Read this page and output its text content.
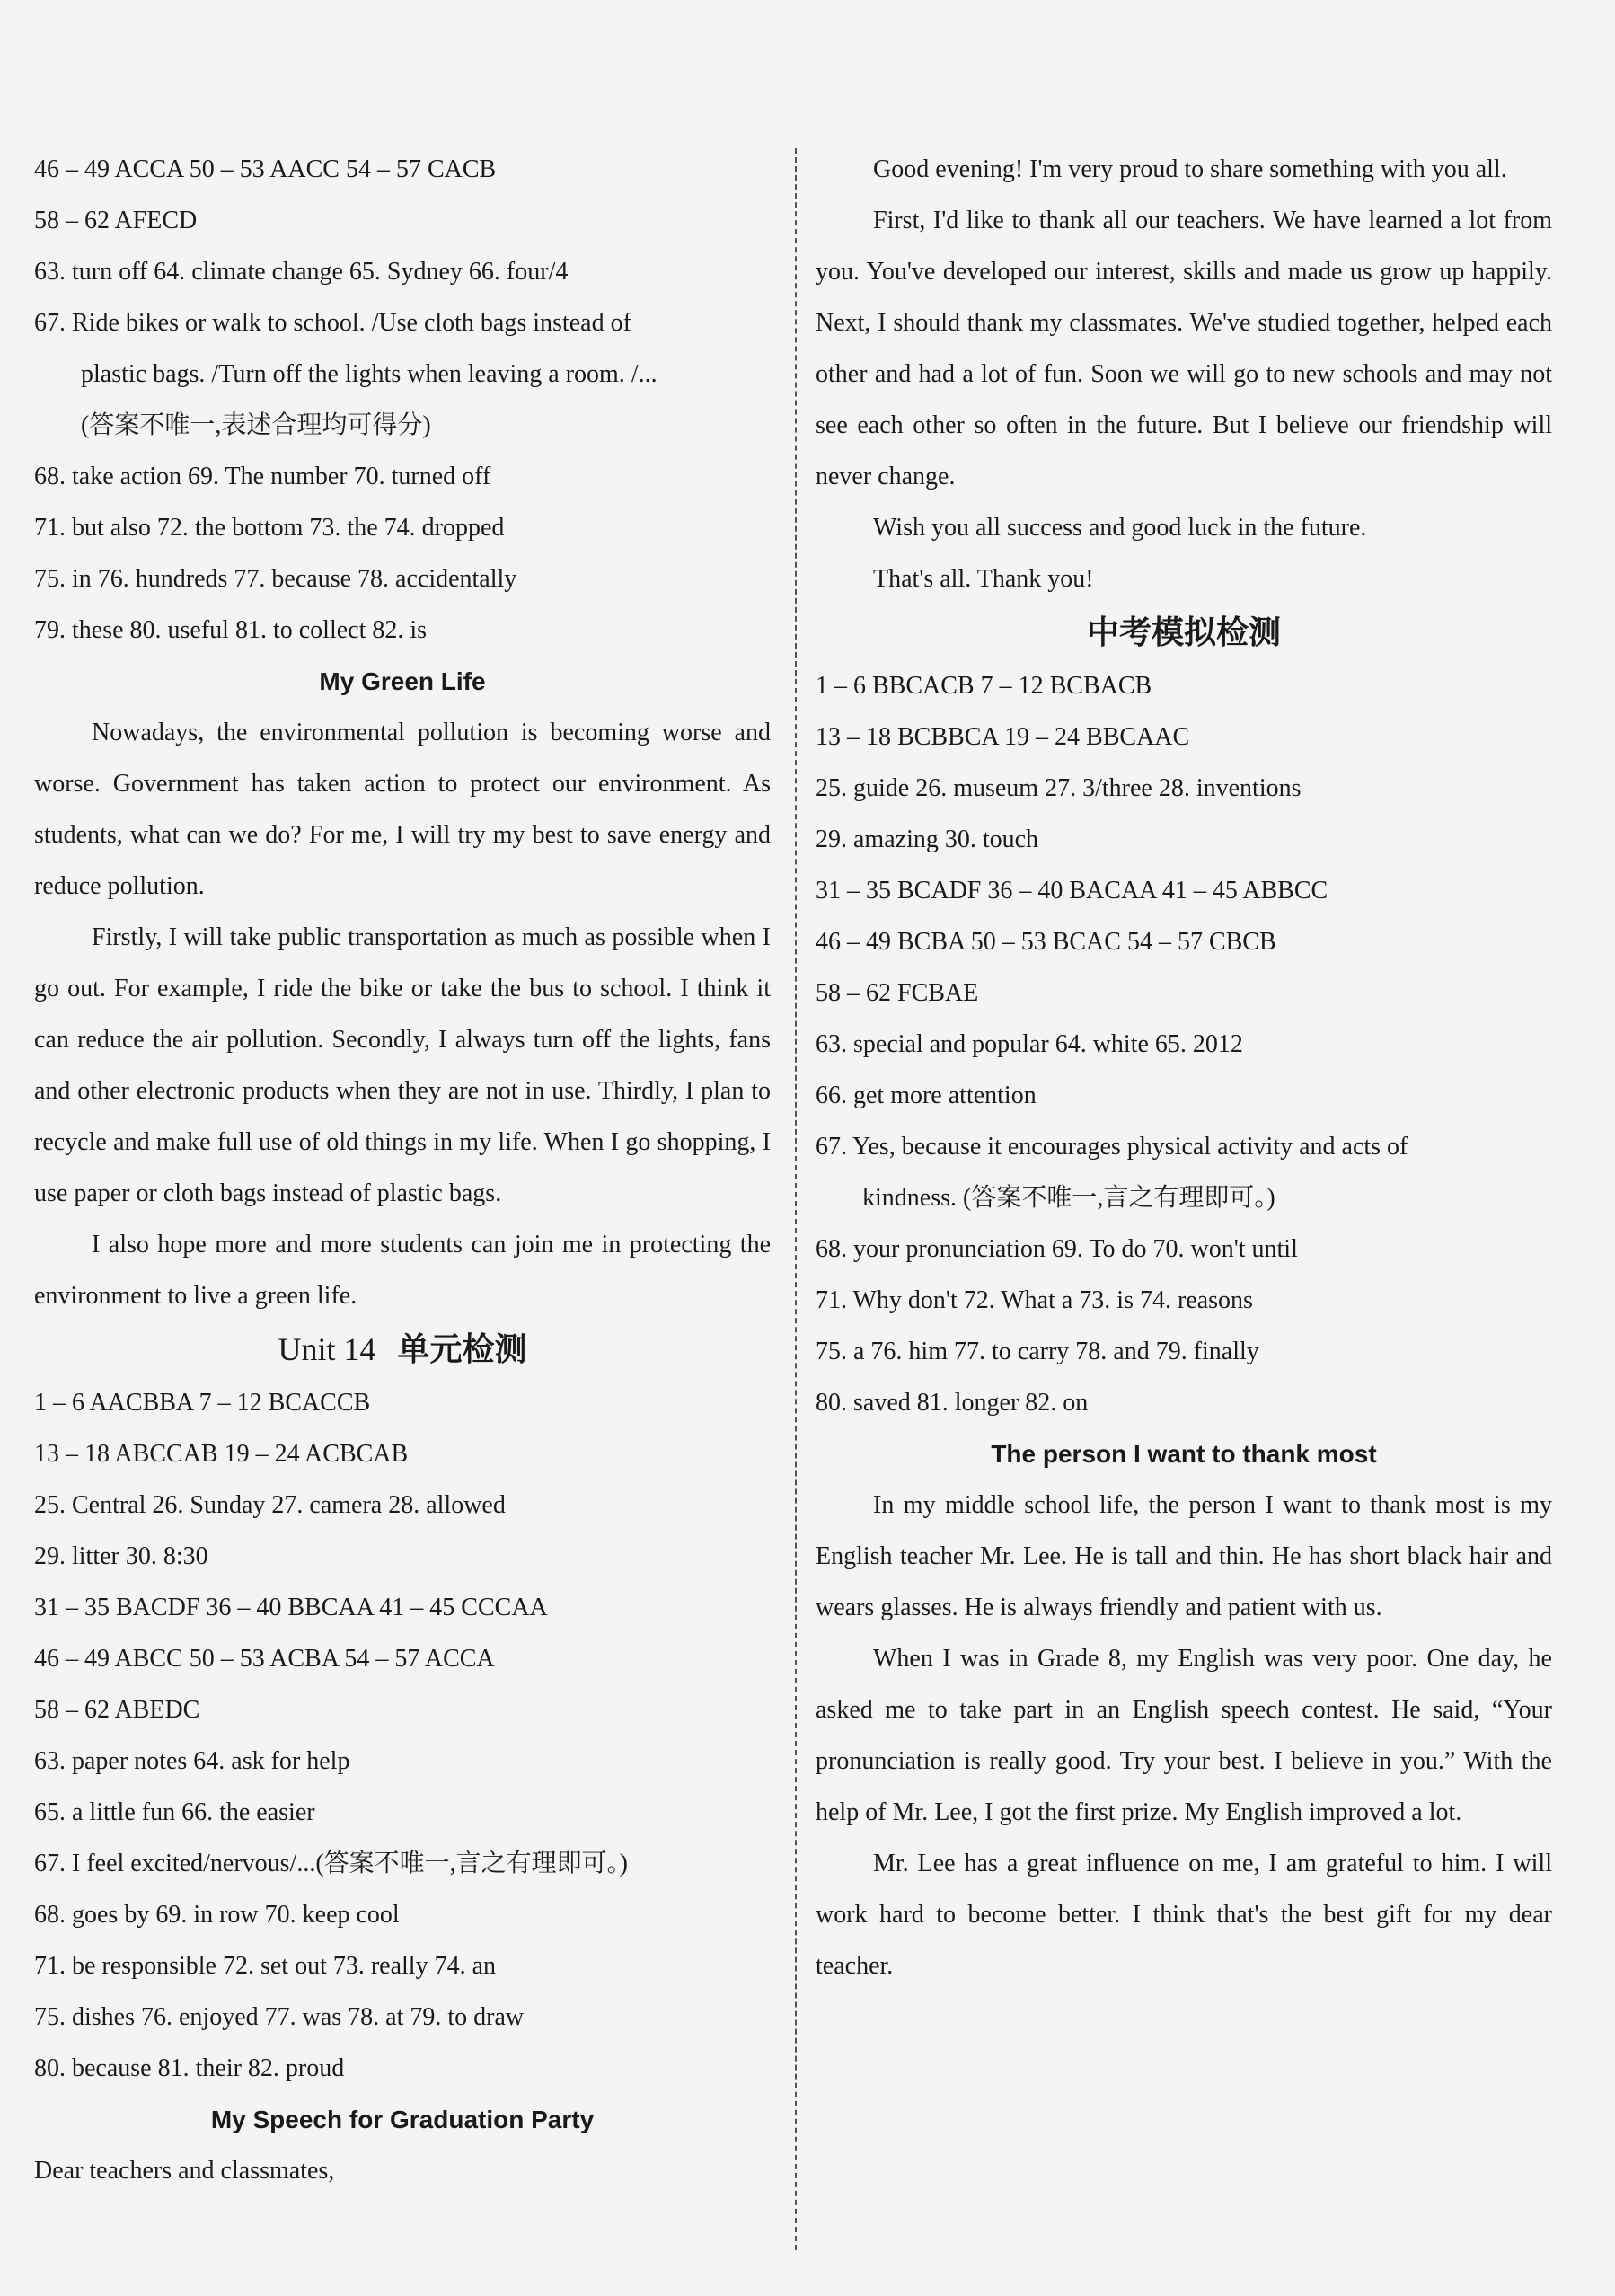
46 – 49 ACCA 50 – 53 AACC 54 – 57 CACB

58 – 62 AFECD

63. turn off 64. climate change 65. Sydney 66. four/4

67. Ride bikes or walk to school. /Use cloth bags instead of

plastic bags. /Turn off the lights when leaving a room. /...

(答案不唯一,表述合理均可得分)

68. take action 69. The number 70. turned off

71. but also 72. the bottom 73. the 74. dropped

75. in 76. hundreds 77. because 78. accidentally

79. these 80. useful 81. to collect 82. is

My Green Life

Nowadays, the environmental pollution is becoming worse and worse. Government has taken action to protect our environment. As students, what can we do? For me, I will try my best to save energy and reduce pollution.

Firstly, I will take public transportation as much as possible when I go out. For example, I ride the bike or take the bus to school. I think it can reduce the air pollution. Secondly, I always turn off the lights, fans and other electronic products when they are not in use. Thirdly, I plan to recycle and make full use of old things in my life. When I go shopping, I use paper or cloth bags instead of plastic bags.

I also hope more and more students can join me in protecting the environment to live a green life.

Unit 14 单元检测

1 – 6 AACBBA 7 – 12 BCACCB

13 – 18 ABCCAB 19 – 24 ACBCAB

25. Central 26. Sunday 27. camera 28. allowed

29. litter 30. 8:30

31 – 35 BACDF 36 – 40 BBCAA 41 – 45 CCCAA

46 – 49 ABCC 50 – 53 ACBA 54 – 57 ACCA

58 – 62 ABEDC

63. paper notes 64. ask for help

65. a little fun 66. the easier

67. I feel excited/nervous/...(答案不唯一,言之有理即可。)

68. goes by 69. in row 70. keep cool

71. be responsible 72. set out 73. really 74. an

75. dishes 76. enjoyed 77. was 78. at 79. to draw

80. because 81. their 82. proud

My Speech for Graduation Party

Dear teachers and classmates,

Good evening! I'm very proud to share something with you all.

First, I'd like to thank all our teachers. We have learned a lot from you. You've developed our interest, skills and made us grow up happily. Next, I should thank my classmates. We've studied together, helped each other and had a lot of fun. Soon we will go to new schools and may not see each other so often in the future. But I believe our friendship will never change.

Wish you all success and good luck in the future.

That's all. Thank you!

中考模拟检测

1 – 6 BBCACB 7 – 12 BCBACB

13 – 18 BCBBCA 19 – 24 BBCAAC

25. guide 26. museum 27. 3/three 28. inventions

29. amazing 30. touch

31 – 35 BCADF 36 – 40 BACAA 41 – 45 ABBCC

46 – 49 BCBA 50 – 53 BCAC 54 – 57 CBCB

58 – 62 FCBAE

63. special and popular 64. white 65. 2012

66. get more attention

67. Yes, because it encourages physical activity and acts of

kindness. (答案不唯一,言之有理即可。)

68. your pronunciation 69. To do 70. won't until

71. Why don't 72. What a 73. is 74. reasons

75. a 76. him 77. to carry 78. and 79. finally

80. saved 81. longer 82. on

The person I want to thank most

In my middle school life, the person I want to thank most is my English teacher Mr. Lee. He is tall and thin. He has short black hair and wears glasses. He is always friendly and patient with us.

When I was in Grade 8, my English was very poor. One day, he asked me to take part in an English speech contest. He said, “Your pronunciation is really good. Try your best. I believe in you.” With the help of Mr. Lee, I got the first prize. My English improved a lot.

Mr. Lee has a great influence on me, I am grateful to him. I will work hard to become better. I think that's the best gift for my dear teacher.
